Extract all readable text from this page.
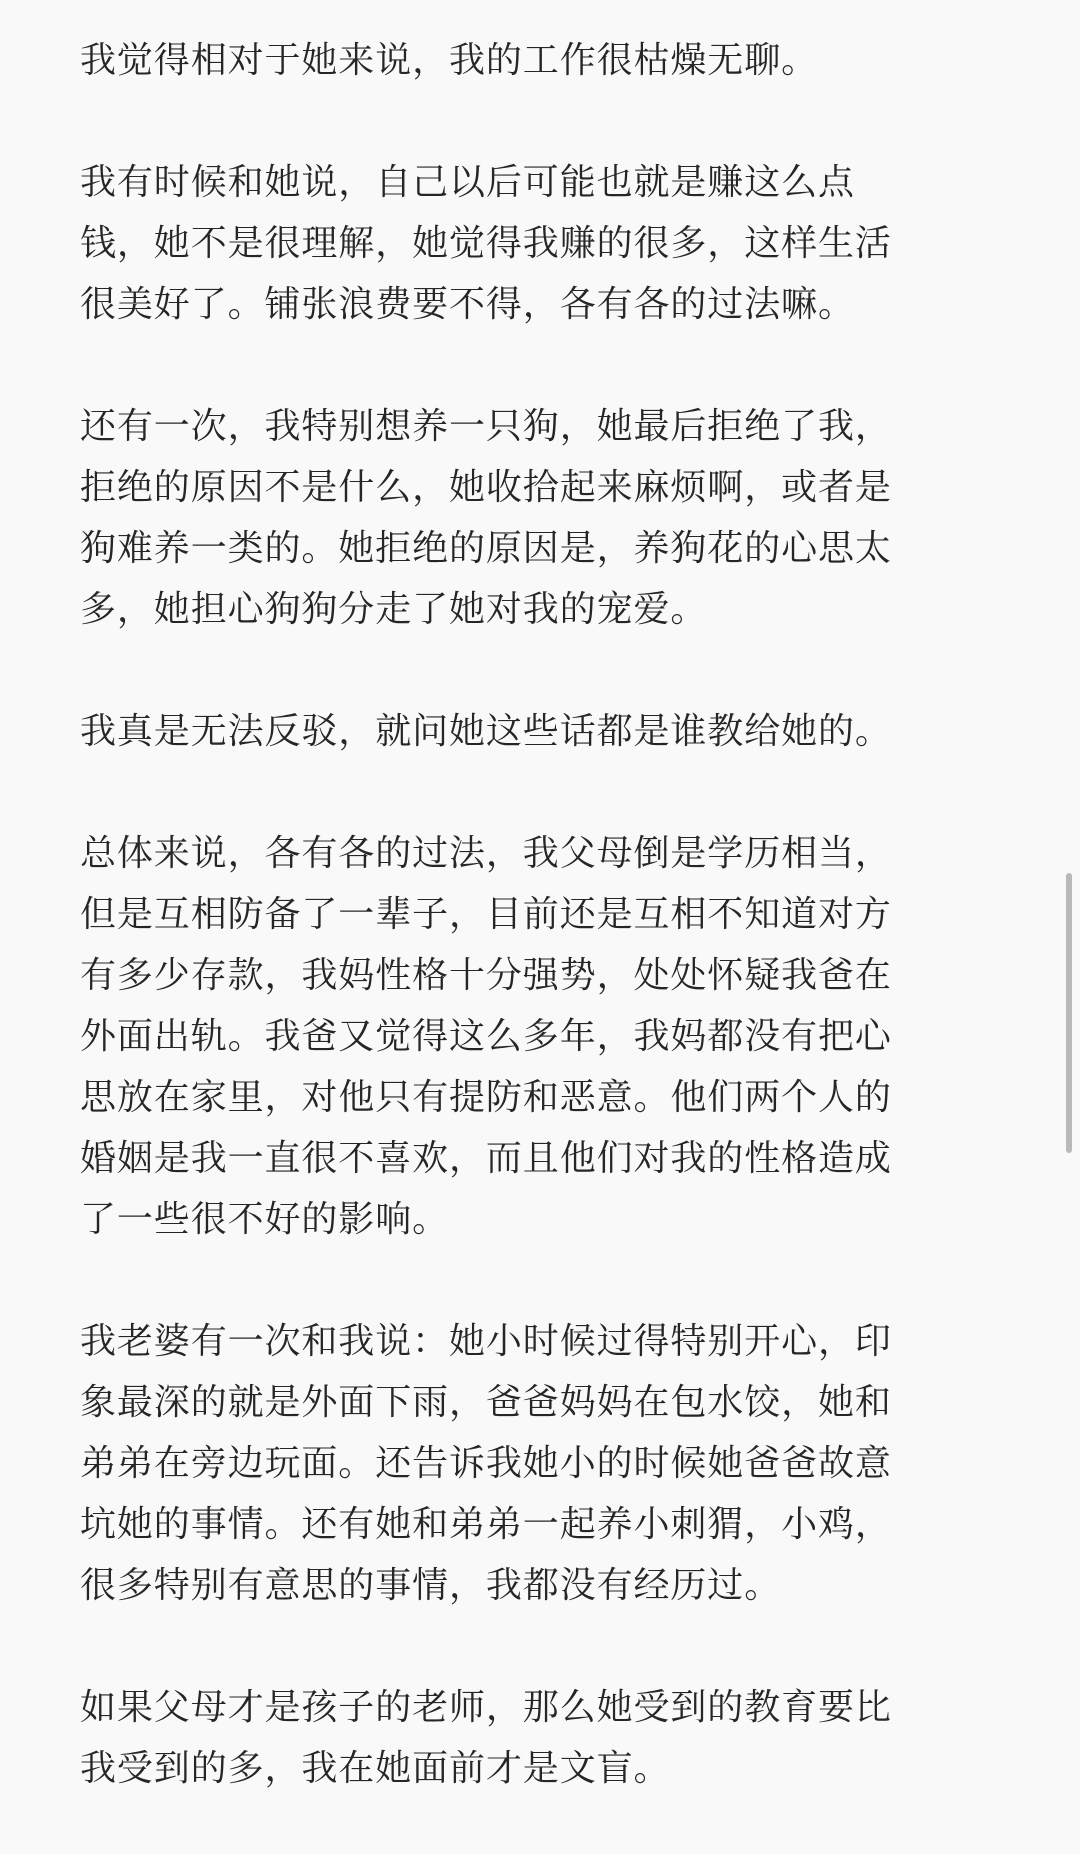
我觉得相对于她来说，我的工作很枯燥无聊。

我有时候和她说，自己以后可能也就是赚这么点
钱，她不是很理解，她觉得我赚的很多，这样生活
很美好了。铺张浪费要不得，各有各的过法嘛。

还有一次，我特别想养一只狗，她最后拒绝了我，
拒绝的原因不是什么，她收拾起来麻烦啊，或者是
狗难养一类的。她拒绝的原因是，养狗花的心思太
多，她担心狗狗分走了她对我的宠爱。

我真是无法反驳，就问她这些话都是谁教给她的。

总体来说，各有各的过法，我父母倒是学历相当，
但是互相防备了一辈子，目前还是互相不知道对方
有多少存款，我妈性格十分强势，处处怀疑我爸在
外面出轨。我爸又觉得这么多年，我妈都没有把心
思放在家里，对他只有提防和恶意。他们两个人的
婚姻是我一直很不喜欢，而且他们对我的性格造成
了一些很不好的影响。

我老婆有一次和我说：她小时候过得特别开心，印
象最深的就是外面下雨，爸爸妈妈在包水饺，她和
弟弟在旁边玩面。还告诉我她小的时候她爸爸故意
坑她的事情。还有她和弟弟一起养小刺猬，小鸡，
很多特别有意思的事情，我都没有经历过。

如果父母才是孩子的老师，那么她受到的教育要比
我受到的多，我在她面前才是文盲。
